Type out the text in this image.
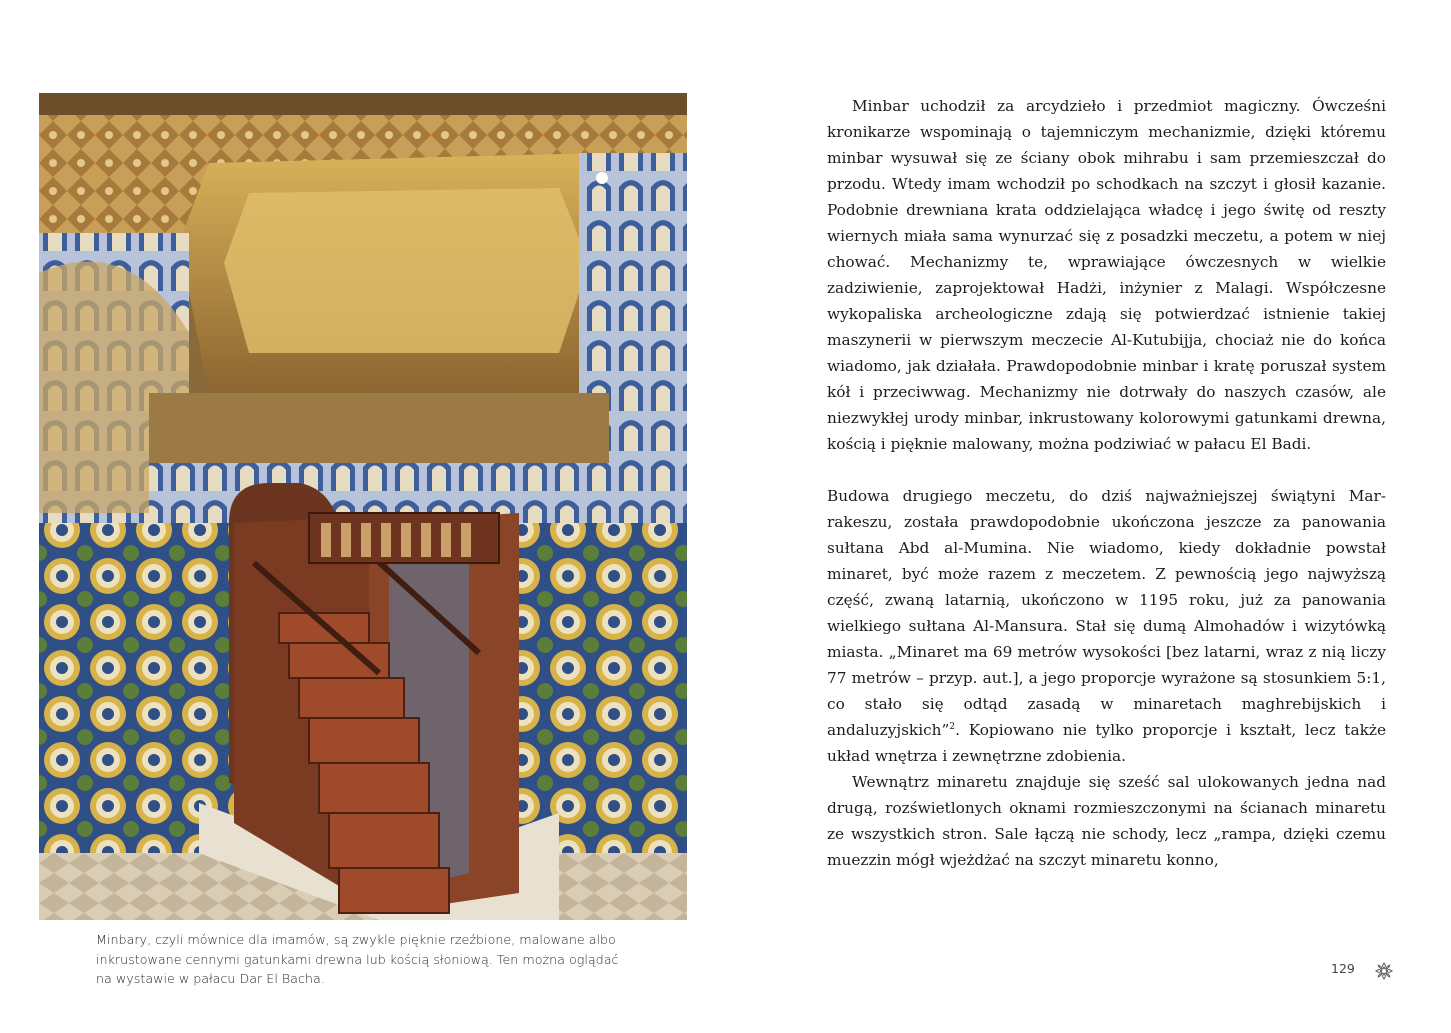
Minbary, czyli mównice dla imamów, są zwykle pięknie rzeźbione, malowane albo inkrustowane cennymi gatunkami drewna lub kością słoniową. Ten można oglądać na wystawie w pałacu Dar El Bacha.

Minbar uchodził za arcydzieło i przedmiot magiczny. Ówcześni kronikarze wspominają o tajemniczym mechanizmie, dzięki któremu minbar wysuwał się ze ściany obok mihrabu i sam przemieszczał do przodu. Wtedy imam wchodził po schodkach na szczyt i głosił kazanie. Podobnie drewniana krata oddzielająca władcę i jego świtę od reszty wiernych miała sama wynurzać się z posadzki meczetu, a potem w niej chować. Mechanizmy te, wprawiające ówczesnych w wielkie zadziwienie, zaprojektował Hadżi, inżynier z Malagi. Współczesne wykopaliska archeologiczne zdają się potwierdzać istnienie takiej maszynerii w pierwszym meczecie Al-Kutubijja, chociaż nie do końca wiadomo, jak działała. Prawdopodobnie minbar i kratę poruszał system kół i przeciwwag. Mechanizmy nie dotrwały do naszych czasów, ale niezwykłej urody minbar, inkrustowany kolorowymi gatunkami drewna, kością i pięknie malowany, można podziwiać w pałacu El Badi.

Budowa drugiego meczetu, do dziś najważniejszej świątyni Marrakeszu, została prawdopodobnie ukończona jeszcze za panowania sułtana Abd al-Mumina. Nie wiadomo, kiedy dokładnie powstał minaret, być może razem z meczetem. Z pewnością jego najwyższą część, zwaną latarnią, ukończono w 1195 roku, już za panowania wielkiego sułtana Al-Mansura. Stał się dumą Almohadów i wizytówką miasta. „Minaret ma 69 metrów wysokości [bez latarni, wraz z nią liczy 77 metrów – przyp. aut.], a jego proporcje wyrażone są stosunkiem 5:1, co stało się odtąd zasadą w minaretach maghrebijskich i andaluzyjskich”$^2$. Kopiowano nie tylko proporcje i kształt, lecz także układ wnętrza i zewnętrzne zdobienia.

Wewnątrz minaretu znajduje się sześć sal ulokowanych jedna nad drugą, rozświetlonych oknami rozmieszczonymi na ścianach minaretu ze wszystkich stron. Sale łączą nie schody, lecz „rampa, dzięki czemu muezzin mógł wjeżdżać na szczyt minaretu konno,

129
